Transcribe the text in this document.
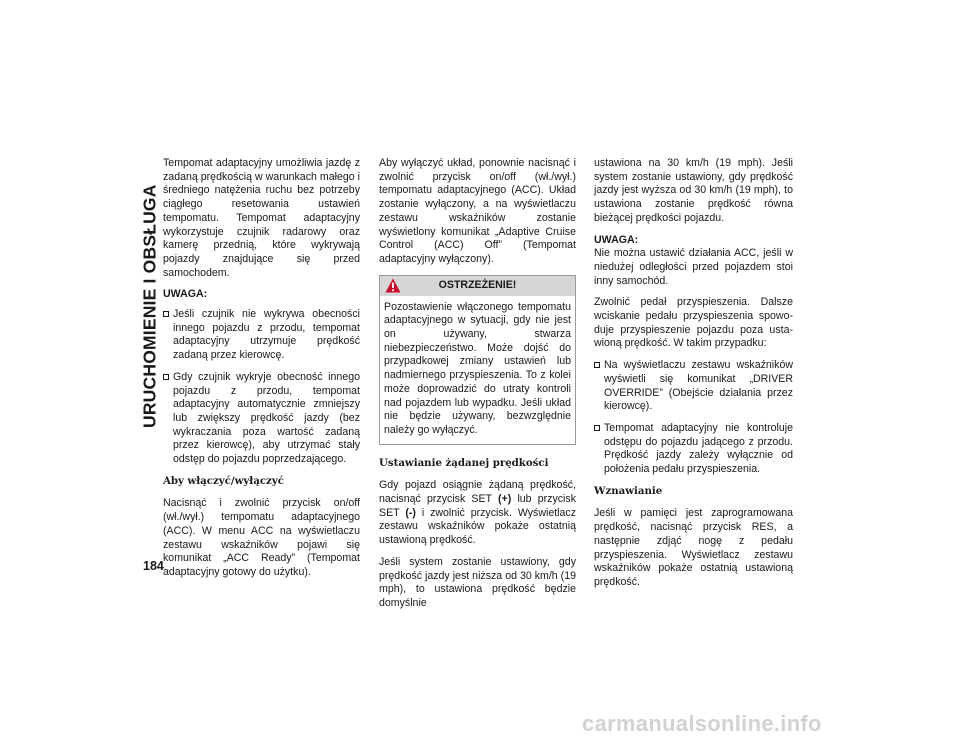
URUCHOMIENIE I OBSŁUGA
184

Tempomat adaptacyjny umożliwia jazdę z zadaną prędkością w warunkach małego i średniego natężenia ruchu bez potrzeby ciągłego resetowania ustawień tempomatu. Tempomat adaptacyjny wykorzystuje czujnik radarowy oraz kamerę przednią, które wykrywają pojazdy znajdujące się przed samochodem.

UWAGA:
Jeśli czujnik nie wykrywa obecności innego pojazdu z przodu, tempomat adaptacyjny utrzymuje prędkość zadaną przez kierowcę.
Gdy czujnik wykryje obecność innego pojazdu z przodu, tempomat adaptacyjny automatycznie zmniejszy lub zwiększy prędkość jazdy (bez wykraczania poza wartość zadaną przez kierowcę), aby utrzymać stały odstęp do pojazdu poprzedzającego.
Aby włączyć/wyłączyć

Nacisnąć i zwolnić przycisk on/off (wł./wył.) tempomatu adaptacyjnego (ACC). W menu ACC na wyświetlaczu zestawu wskaźników pojawi się komunikat „ACC Ready” (Tempomat adaptacyjny gotowy do użytku).

Aby wyłączyć układ, ponownie nacisnąć i zwolnić przycisk on/off (wł./wył.) tempomatu adaptacyjnego (ACC). Układ zostanie wyłączony, a na wyświetlaczu zestawu wskaźników zostanie wyświetlony komunikat „Adaptive Cruise Control (ACC) Off” (Tempomat adaptacyjny wyłączony).

OSTRZEŻENIE!
Pozostawienie włączonego tempomatu adaptacyjnego w sytuacji, gdy nie jest on używany, stwarza niebezpieczeństwo. Może dojść do przypadkowej zmiany ustawień lub nadmiernego przyspieszenia. To z kolei może doprowadzić do utraty kontroli nad pojazdem lub wypadku. Jeśli układ nie będzie używany, bezwzględnie należy go wyłączyć.
Ustawianie żądanej prędkości

Gdy pojazd osiągnie żądaną prędkość, nacisnąć przycisk SET (+) lub przycisk SET (-) i zwolnić przycisk. Wyświetlacz zestawu wskaźników pokaże ostatnią ustawioną prędkość.

Jeśli system zostanie ustawiony, gdy prędkość jazdy jest niższa od 30 km/h (19 mph), to ustawiona prędkość będzie domyślnie

ustawiona na 30 km/h (19 mph). Jeśli system zostanie ustawiony, gdy prędkość jazdy jest wyższa od 30 km/h (19 mph), to ustawiona zostanie prędkość równa bieżącej prędkości pojazdu.

UWAGA:

Nie można ustawić działania ACC, jeśli w niedużej odległości przed pojazdem stoi inny samochód.

Zwolnić pedał przyspieszenia. Dalsze wciskanie pedału przyspieszenia spowoduje przyspieszenie pojazdu poza ustawioną prędkość. W takim przypadku:

Na wyświetlaczu zestawu wskaźników wyświetli się komunikat „DRIVER OVERRIDE” (Obejście działania przez kierowcę).
Tempomat adaptacyjny nie kontroluje odstępu do pojazdu jadącego z przodu. Prędkość jazdy zależy wyłącznie od położenia pedału przyspieszenia.
Wznawianie

Jeśli w pamięci jest zaprogramowana prędkość, nacisnąć przycisk RES, a następnie zdjąć nogę z pedału przyspieszenia. Wyświetlacz zestawu wskaźników pokaże ostatnią ustawioną prędkość.

carmanualsonline.info
